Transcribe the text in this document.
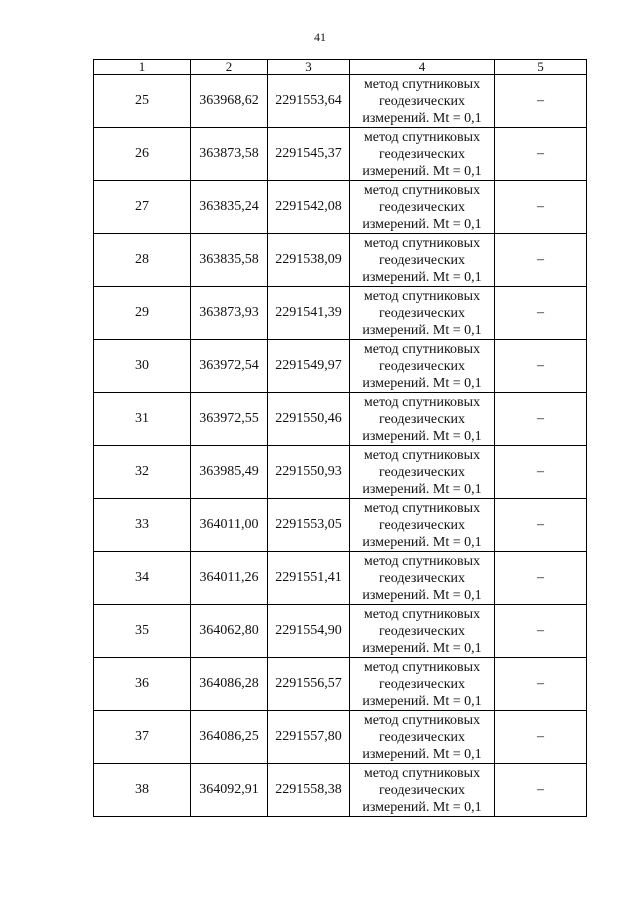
41
1	2	3	4	5
25	363968,62	2291553,64	метод спутниковых
геодезических
измерений. Mt = 0,1	–
26	363873,58	2291545,37	метод спутниковых
геодезических
измерений. Mt = 0,1	–
27	363835,24	2291542,08	метод спутниковых
геодезических
измерений. Mt = 0,1	–
28	363835,58	2291538,09	метод спутниковых
геодезических
измерений. Mt = 0,1	–
29	363873,93	2291541,39	метод спутниковых
геодезических
измерений. Mt = 0,1	–
30	363972,54	2291549,97	метод спутниковых
геодезических
измерений. Mt = 0,1	–
31	363972,55	2291550,46	метод спутниковых
геодезических
измерений. Mt = 0,1	–
32	363985,49	2291550,93	метод спутниковых
геодезических
измерений. Mt = 0,1	–
33	364011,00	2291553,05	метод спутниковых
геодезических
измерений. Mt = 0,1	–
34	364011,26	2291551,41	метод спутниковых
геодезических
измерений. Mt = 0,1	–
35	364062,80	2291554,90	метод спутниковых
геодезических
измерений. Mt = 0,1	–
36	364086,28	2291556,57	метод спутниковых
геодезических
измерений. Mt = 0,1	–
37	364086,25	2291557,80	метод спутниковых
геодезических
измерений. Mt = 0,1	–
38	364092,91	2291558,38	метод спутниковых
геодезических
измерений. Mt = 0,1	–
